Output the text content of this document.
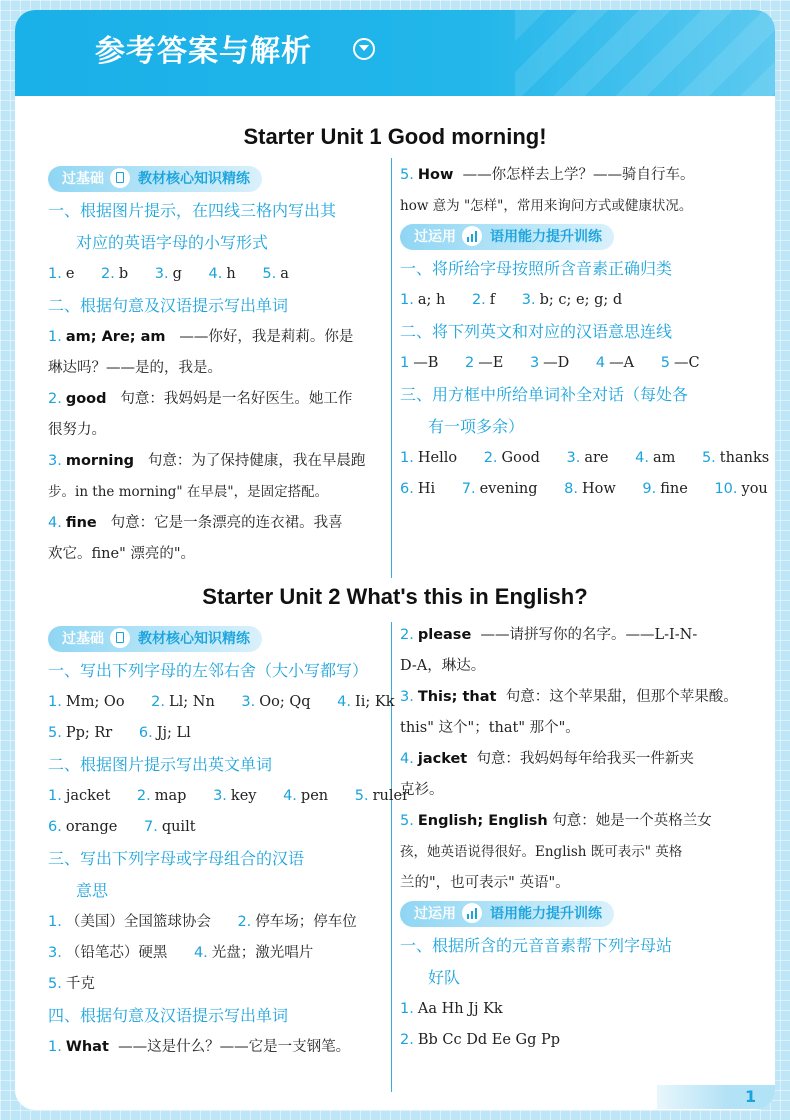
参考答案与解析
Starter Unit 1 Good morning!
过基础 教材核心知识精练
一、根据图片提示，在四线三格内写出其
对应的英语字母的小写形式
1. e 2. b 3. g 4. h 5. a
二、根据句意及汉语提示写出单词
1. am; Are; am ——你好，我是莉莉。你是
琳达吗？——是的，我是。
2. good 句意：我妈妈是一名好医生。她工作
很努力。
3. morning 句意：为了保持健康，我在早晨跑
步。in the morning" 在早晨"，是固定搭配。
4. fine 句意：它是一条漂亮的连衣裙。我喜
欢它。fine" 漂亮的"。
5. How ——你怎样去上学？——骑自行车。
how 意为 "怎样"，常用来询问方式或健康状况。
过运用 语用能力提升训练
一、将所给字母按照所含音素正确归类
1. a; h 2. f 3. b; c; e; g; d
二、将下列英文和对应的汉语意思连线
1 —B 2 —E 3 —D 4 —A 5 —C
三、用方框中所给单词补全对话（每处各
有一项多余）
1. Hello 2. Good 3. are 4. am 5. thanks
6. Hi 7. evening 8. How 9. fine 10. you
Starter Unit 2 What's this in English?
过基础 教材核心知识精练
一、写出下列字母的左邻右舍（大小写都写）
1. Mm; Oo 2. Ll; Nn 3. Oo; Qq 4. Ii; Kk
5. Pp; Rr 6. Jj; Ll
二、根据图片提示写出英文单词
1. jacket 2. map 3. key 4. pen 5. ruler
6. orange 7. quilt
三、写出下列字母或字母组合的汉语
意思
1. （美国）全国篮球协会 2. 停车场；停车位
3. （铅笔芯）硬黑 4. 光盘；激光唱片
5. 千克
四、根据句意及汉语提示写出单词
1. What ——这是什么？——它是一支钢笔。
2. please ——请拼写你的名字。——L-I-N-
D-A，琳达。
3. This; that 句意：这个苹果甜，但那个苹果酸。
this" 这个"；that" 那个"。
4. jacket 句意：我妈妈每年给我买一件新夹
克衫。
5. English; English 句意：她是一个英格兰女
孩，她英语说得很好。English 既可表示" 英格
兰的"，也可表示" 英语"。
过运用 语用能力提升训练
一、根据所含的元音音素帮下列字母站
好队
1. Aa Hh Jj Kk
2. Bb Cc Dd Ee Gg Pp
1
